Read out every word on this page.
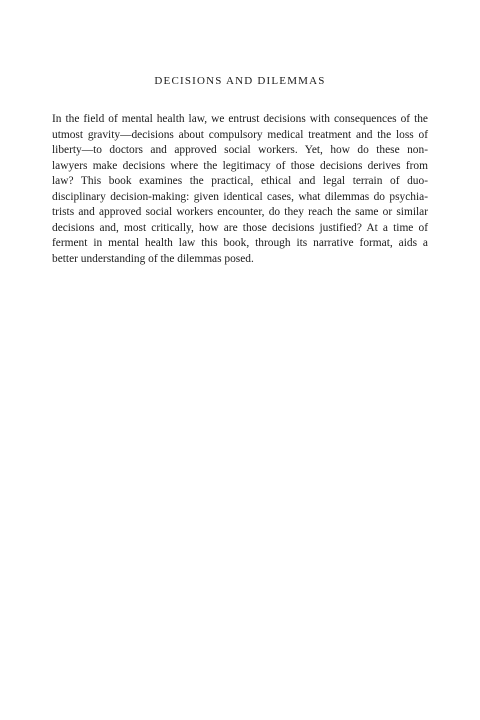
DECISIONS AND DILEMMAS
In the field of mental health law, we entrust decisions with consequences of the
utmost gravity—decisions about compulsory medical treatment and the loss of
liberty—to doctors and approved social workers. Yet, how do these non-
lawyers make decisions where the legitimacy of those decisions derives from
law? This book examines the practical, ethical and legal terrain of duo-
disciplinary decision-making: given identical cases, what dilemmas do psychia-
trists and approved social workers encounter, do they reach the same or similar
decisions and, most critically, how are those decisions justified? At a time of
ferment in mental health law this book, through its narrative format, aids a
better understanding of the dilemmas posed.
